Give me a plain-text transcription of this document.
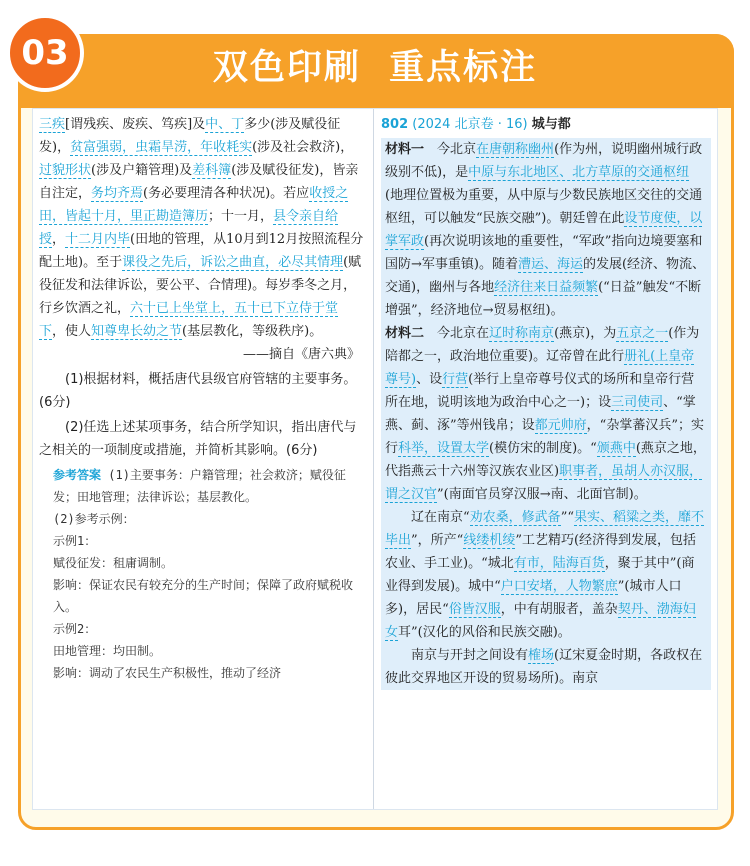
03	双色印刷  重点标注

三疾[谓残疾、废疾、笃疾]及中、丁多少(涉及赋役征发)，贫富强弱，虫霜旱涝，年收耗实(涉及社会救济)，过貌形状(涉及户籍管理)及差科簿(涉及赋役征发)，皆亲自注定，务均齐焉(务必要理清各种状况)。若应收授之田，皆起十月，里正勘造簿历；十一月，县令亲自给授，十二月内毕(田地的管理，从10月到12月按照流程分配土地)。至于课役之先后，诉讼之曲直，必尽其情理(赋役征发和法律诉讼，要公平、合情理)。每岁季冬之月，行乡饮酒之礼，六十已上坐堂上，五十已下立侍于堂下，使人知尊卑长幼之节(基层教化，等级秩序)。

——摘自《唐六典》

(1)根据材料，概括唐代县级官府管辖的主要事务。(6分)

(2)任选上述某项事务，结合所学知识，指出唐代与之相关的一项制度或措施，并简析其影响。(6分)

参考答案 (1)主要事务：户籍管理；社会救济；赋役征发；田地管理；法律诉讼；基层教化。

(2)参考示例：

示例1：

赋役征发：租庸调制。

影响：保证农民有较充分的生产时间；保障了政府赋税收入。

示例2：

田地管理：均田制。

影响：调动了农民生产积极性，推动了经济

802 (2024 北京卷 · 16) 城与都

材料一　 今北京在唐朝称幽州(作为州，说明幽州城行政级别不低)，是中原与东北地区、北方草原的交通枢纽(地理位置极为重要，从中原与少数民族地区交往的交通枢纽，可以触发“民族交融”)。朝廷曾在此设节度使，以掌军政(再次说明该地的重要性，“军政”指向边境要塞和国防→军事重镇)。随着漕运、海运的发展(经济、物流、交通)，幽州与各地经济往来日益频繁(“日益”触发“不断增强”，经济地位→贸易枢纽)。

材料二　 今北京在辽时称南京(燕京)，为五京之一(作为陪都之一，政治地位重要)。辽帝曾在此行册礼(上皇帝尊号)、设行营(举行上皇帝尊号仪式的场所和皇帝行营所在地，说明该地为政治中心之一)；设三司使司、“掌燕、蓟、涿”等州钱帛；设都元帅府，“杂掌蕃汉兵”；实行科举，设置太学(模仿宋的制度)。“颁燕中(燕京之地，代指燕云十六州等汉族农业区)职事者，虽胡人亦汉服，谓之汉官”(南面官员穿汉服→南、北面官制)。

　　辽在南京“劝农桑，修武备”“果实、稻粱之类，靡不毕出”，所产“线缕机绫”工艺精巧(经济得到发展，包括农业、手工业)。“城北有市，陆海百货，聚于其中”(商业得到发展)。城中“户口安堵，人物繁庶”(城市人口多)，居民“俗皆汉服，中有胡服者，盖杂契丹、渤海妇女耳”(汉化的风俗和民族交融)。

　　南京与开封之间设有榷场(辽宋夏金时期，各政权在彼此交界地区开设的贸易场所)。南京
